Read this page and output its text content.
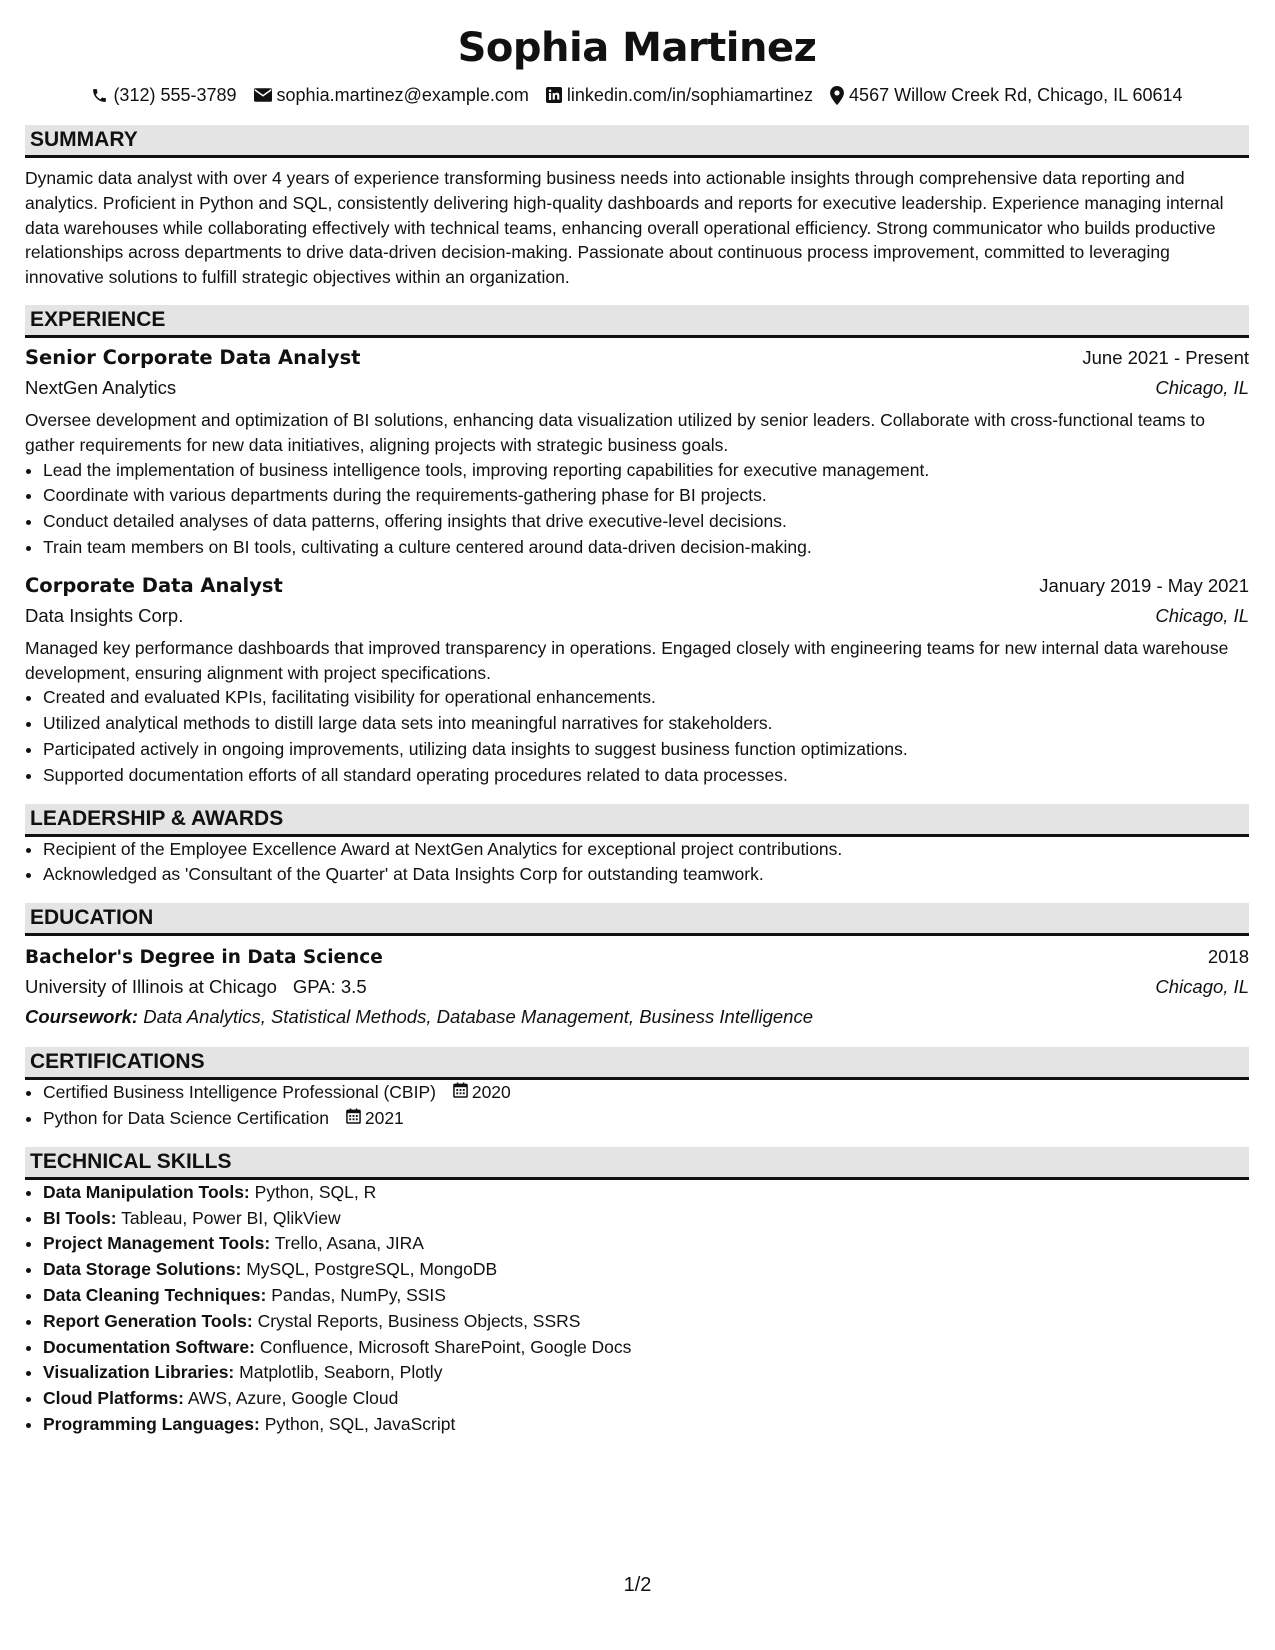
Sophia Martinez
(312) 555-3789 sophia.martinez@example.com linkedin.com/in/sophiamartinez 4567 Willow Creek Rd, Chicago, IL 60614
SUMMARY

Dynamic data analyst with over 4 years of experience transforming business needs into actionable insights through comprehensive data reporting and analytics. Proficient in Python and SQL, consistently delivering high-quality dashboards and reports for executive leadership. Experience managing internal data warehouses while collaborating effectively with technical teams, enhancing overall operational efficiency. Strong communicator who builds productive relationships across departments to drive data-driven decision-making. Passionate about continuous process improvement, committed to leveraging innovative solutions to fulfill strategic objectives within an organization.

EXPERIENCE
Senior Corporate Data Analyst	June 2021 - Present
NextGen Analytics	Chicago, IL

Oversee development and optimization of BI solutions, enhancing data visualization utilized by senior leaders. Collaborate with cross-functional teams to gather requirements for new data initiatives, aligning projects with strategic business goals.

• Lead the implementation of business intelligence tools, improving reporting capabilities for executive management.
• Coordinate with various departments during the requirements-gathering phase for BI projects.
• Conduct detailed analyses of data patterns, offering insights that drive executive-level decisions.
• Train team members on BI tools, cultivating a culture centered around data-driven decision-making.
Corporate Data Analyst	January 2019 - May 2021
Data Insights Corp.	Chicago, IL

Managed key performance dashboards that improved transparency in operations. Engaged closely with engineering teams for new internal data warehouse development, ensuring alignment with project specifications.

• Created and evaluated KPIs, facilitating visibility for operational enhancements.
• Utilized analytical methods to distill large data sets into meaningful narratives for stakeholders.
• Participated actively in ongoing improvements, utilizing data insights to suggest business function optimizations.
• Supported documentation efforts of all standard operating procedures related to data processes.
LEADERSHIP & AWARDS
• Recipient of the Employee Excellence Award at NextGen Analytics for exceptional project contributions.
• Acknowledged as 'Consultant of the Quarter' at Data Insights Corp for outstanding teamwork.
EDUCATION
Bachelor's Degree in Data Science	2018
University of Illinois at Chicago GPA: 3.5	Chicago, IL
Coursework: Data Analytics, Statistical Methods, Database Management, Business Intelligence
CERTIFICATIONS
• Certified Business Intelligence Professional (CBIP) 2020
• Python for Data Science Certification 2021
TECHNICAL SKILLS
• Data Manipulation Tools: Python, SQL, R
• BI Tools: Tableau, Power BI, QlikView
• Project Management Tools: Trello, Asana, JIRA
• Data Storage Solutions: MySQL, PostgreSQL, MongoDB
• Data Cleaning Techniques: Pandas, NumPy, SSIS
• Report Generation Tools: Crystal Reports, Business Objects, SSRS
• Documentation Software: Confluence, Microsoft SharePoint, Google Docs
• Visualization Libraries: Matplotlib, Seaborn, Plotly
• Cloud Platforms: AWS, Azure, Google Cloud
• Programming Languages: Python, SQL, JavaScript
1/2
